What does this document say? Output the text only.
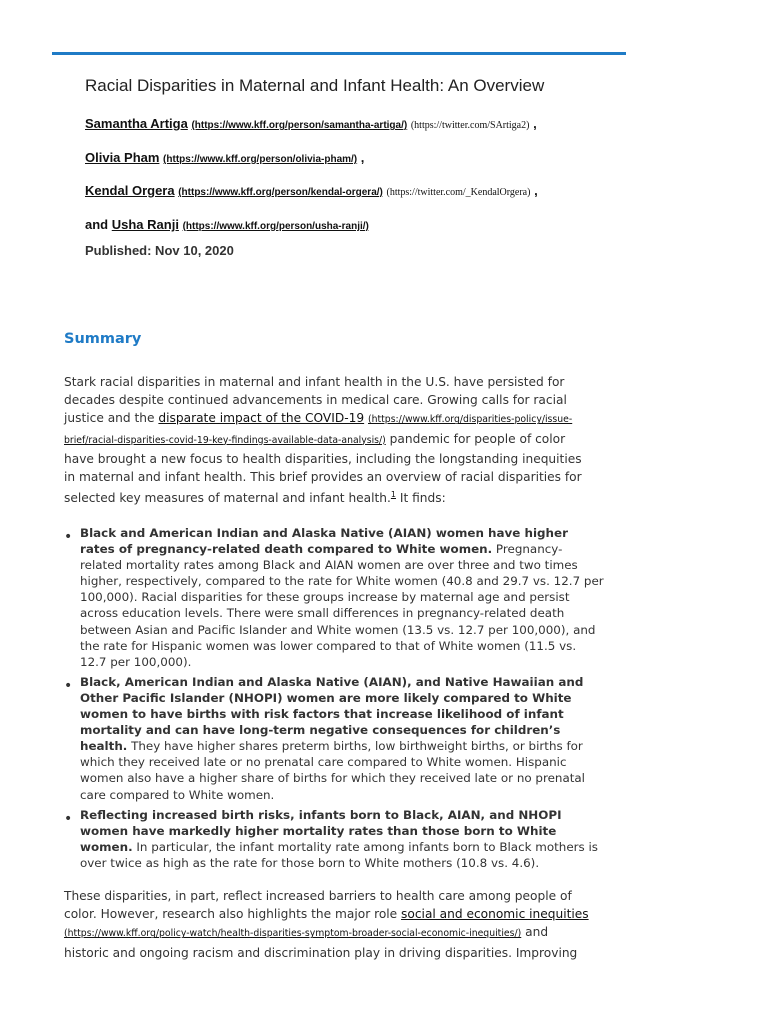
Racial Disparities in Maternal and Infant Health: An Overview
Samantha Artiga (https://www.kff.org/person/samantha-artiga/) (https://twitter.com/SArtiga2) ,
Olivia Pham (https://www.kff.org/person/olivia-pham/) ,
Kendal Orgera (https://www.kff.org/person/kendal-orgera/) (https://twitter.com/_KendalOrgera) ,
and Usha Ranji (https://www.kff.org/person/usha-ranji/)
Published: Nov 10, 2020
Summary

Stark racial disparities in maternal and infant health in the U.S. have persisted for decades despite continued advancements in medical care. Growing calls for racial justice and the disparate impact of the COVID-19 (https://www.kff.org/disparities-policy/issue-brief/racial-disparities-covid-19-key-findings-available-data-analysis/) pandemic for people of color have brought a new focus to health disparities, including the longstanding inequities in maternal and infant health. This brief provides an overview of racial disparities for selected key measures of maternal and infant health.$^1$ It finds:

• Black and American Indian and Alaska Native (AIAN) women have higher rates of pregnancy-related death compared to White women. Pregnancy-related mortality rates among Black and AIAN women are over three and two times higher, respectively, compared to the rate for White women (40.8 and 29.7 vs. 12.7 per 100,000). Racial disparities for these groups increase by maternal age and persist across education levels. There were small differences in pregnancy-related death between Asian and Pacific Islander and White women (13.5 vs. 12.7 per 100,000), and the rate for Hispanic women was lower compared to that of White women (11.5 vs. 12.7 per 100,000).
• Black, American Indian and Alaska Native (AIAN), and Native Hawaiian and Other Pacific Islander (NHOPI) women are more likely compared to White women to have births with risk factors that increase likelihood of infant mortality and can have long-term negative consequences for children’s health. They have higher shares preterm births, low birthweight births, or births for which they received late or no prenatal care compared to White women. Hispanic women also have a higher share of births for which they received late or no prenatal care compared to White women.
• Reflecting increased birth risks, infants born to Black, AIAN, and NHOPI women have markedly higher mortality rates than those born to White women. In particular, the infant mortality rate among infants born to Black mothers is over twice as high as the rate for those born to White mothers (10.8 vs. 4.6).

These disparities, in part, reflect increased barriers to health care among people of color. However, research also highlights the major role social and economic inequities (https://www.kff.org/policy-watch/health-disparities-symptom-broader-social-economic-inequities/) and historic and ongoing racism and discrimination play in driving disparities. Improving
